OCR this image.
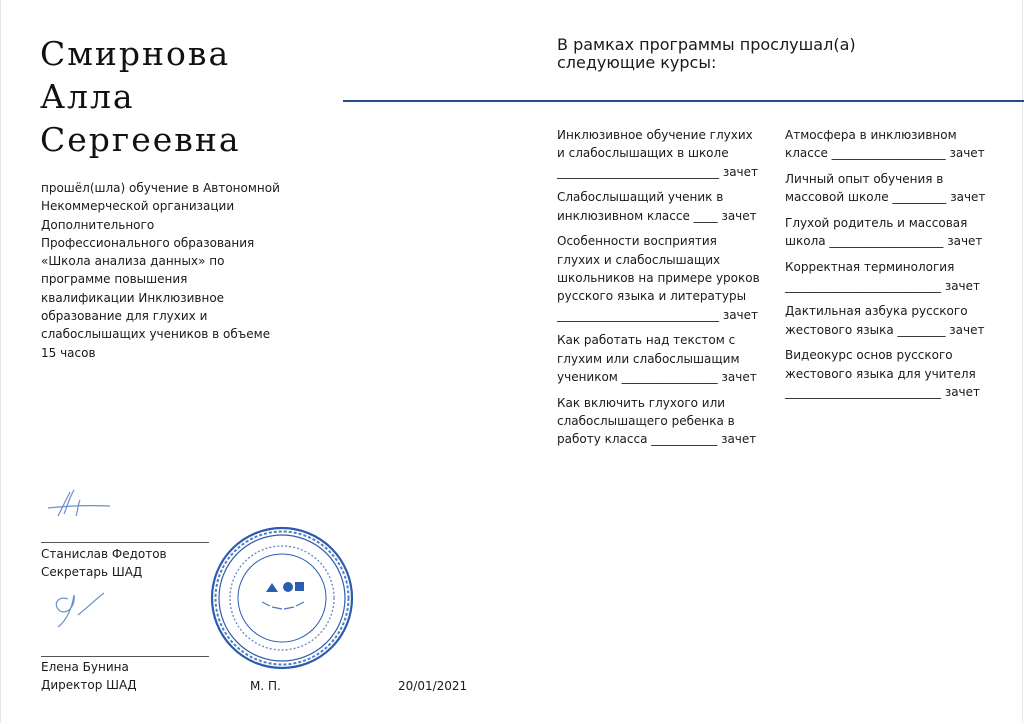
Смирнова
Алла
Сергеевна
прошёл(шла) обучение в Автономной
Некоммерческой организации
Дополнительного
Профессионального образования
«Школа анализа данных» по
программе повышения
квалификации Инклюзивное
образование для глухих и
слабослышащих учеников в объеме
15 часов
В рамках программы прослушал(а)
следующие курсы:
Инклюзивное обучение глухих
и слабослышащих в школе
___________________________ зачет
Слабослышащий ученик в
инклюзивном классе ____ зачет
Особенности восприятия
глухих и слабослышащих
школьников на примере уроков
русского языка и литературы
___________________________ зачет
Как работать над текстом с
глухим или слабослышащим
учеником ________________ зачет
Как включить глухого или
слабослышащего ребенка в
работу класса ___________ зачет
Атмосфера в инклюзивном
классе ___________________ зачет
Личный опыт обучения в
массовой школе _________ зачет
Глухой родитель и массовая
школа ___________________ зачет
Корректная терминология
__________________________ зачет
Дактильная азбука русского
жестового языка ________ зачет
Видеокурс основ русского
жестового языка для учителя
__________________________ зачет
Станислав Федотов
Секретарь ШАД
Елена Бунина
Директор ШАД	М. П.	20/01/2021
